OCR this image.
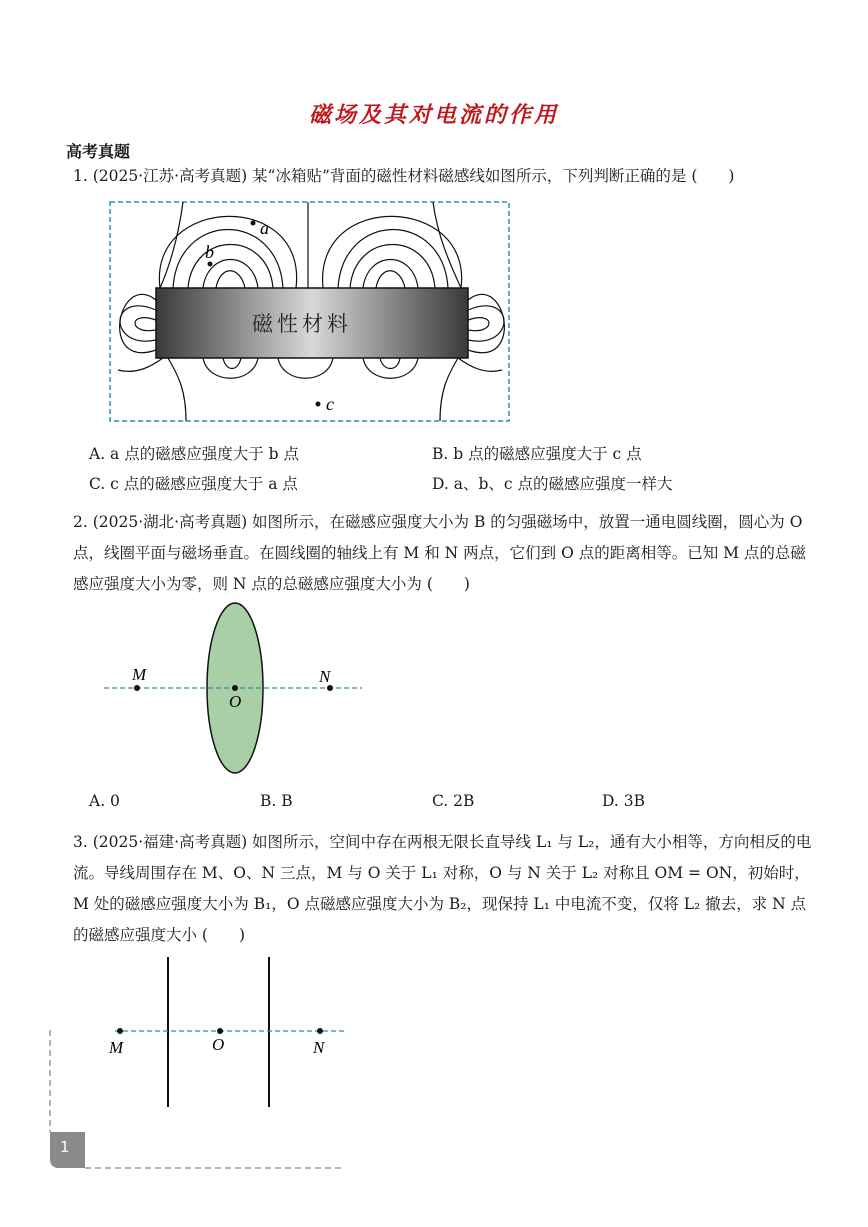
磁场及其对电流的作用
高考真题
1. (2025·江苏·高考真题) 某“冰箱贴”背面的磁性材料磁感线如图所示，下列判断正确的是 (　　)
磁性材料
a
b
c
A. a 点的磁感应强度大于 b 点	B. b 点的磁感应强度大于 c 点
C. c 点的磁感应强度大于 a 点	D. a、b、c 点的磁感应强度一样大
2. (2025·湖北·高考真题) 如图所示，在磁感应强度大小为 B 的匀强磁场中，放置一通电圆线圈，圆心为 O 点，线圈平面与磁场垂直。在圆线圈的轴线上有 M 和 N 两点，它们到 O 点的距离相等。已知 M 点的总磁感应强度大小为零，则 N 点的总磁感应强度大小为 (　　)
M
O
N
A. 0	B. B	C. 2B	D. 3B
3. (2025·福建·高考真题) 如图所示，空间中存在两根无限长直导线 L₁ 与 L₂，通有大小相等，方向相反的电流。导线周围存在 M、O、N 三点，M 与 O 关于 L₁ 对称，O 与 N 关于 L₂ 对称且 OM = ON，初始时，M 处的磁感应强度大小为 B₁，O 点磁感应强度大小为 B₂，现保持 L₁ 中电流不变，仅将 L₂ 撤去，求 N 点的磁感应强度大小 (　　)
M	O	N
1
